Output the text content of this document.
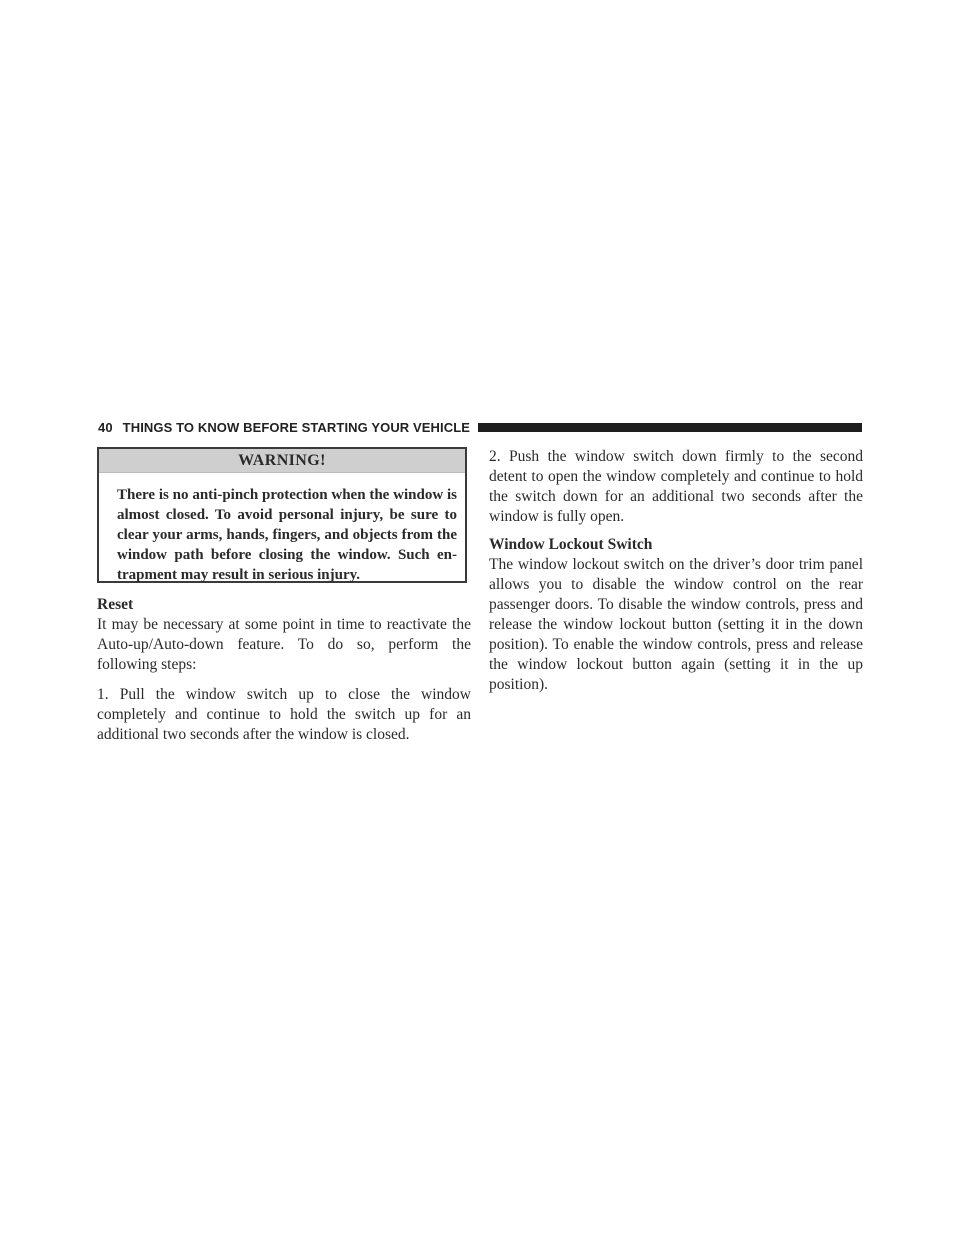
40 THINGS TO KNOW BEFORE STARTING YOUR VEHICLE
WARNING!
There is no anti-pinch protection when the window is almost closed. To avoid personal injury, be sure to clear your arms, hands, fingers, and objects from the window path before closing the window. Such en-trapment may result in serious injury.
Reset

It may be necessary at some point in time to reactivate the Auto-up/Auto-down feature. To do so, perform the following steps:

1. Pull the window switch up to close the window completely and continue to hold the switch up for an additional two seconds after the window is closed.

2. Push the window switch down firmly to the second detent to open the window completely and continue to hold the switch down for an additional two seconds after the window is fully open.

Window Lockout Switch

The window lockout switch on the driver’s door trim panel allows you to disable the window control on the rear passenger doors. To disable the window controls, press and release the window lockout button (setting it in the down position). To enable the window controls, press and release the window lockout button again (setting it in the up position).
